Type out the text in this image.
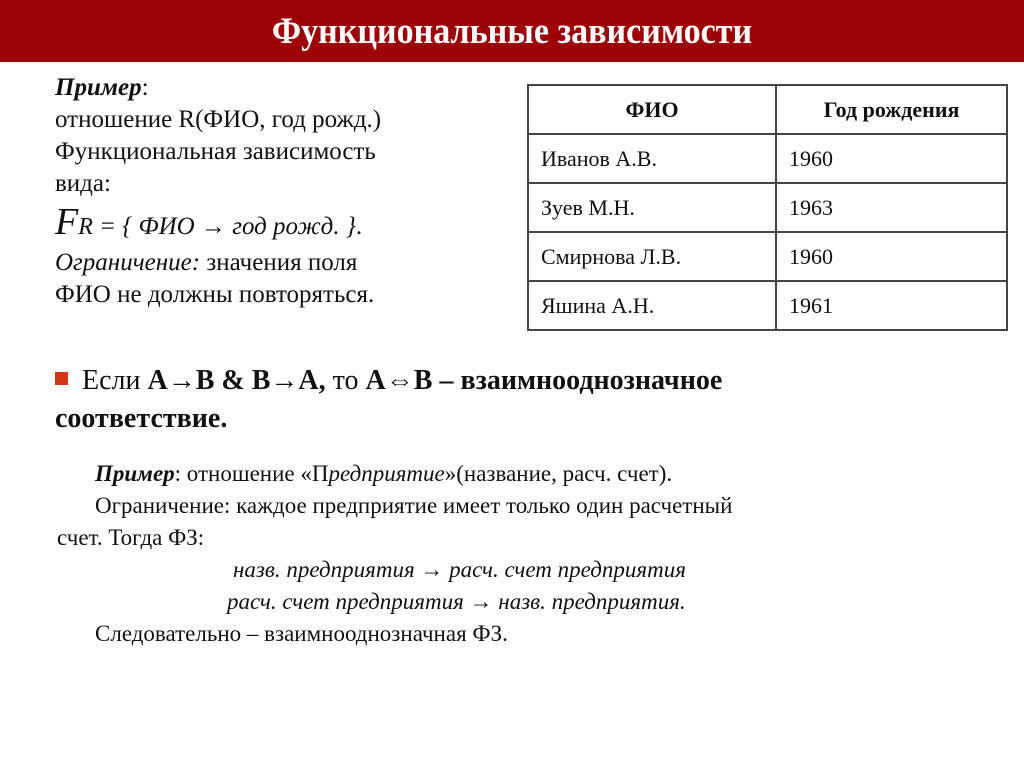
Функциональные зависимости
Пример:
отношение R(ФИО, год рожд.)
Функциональная зависимость
вида:
FR = { ФИО → год рожд. }.
Ограничение: значения поля
ФИО не должны повторяться.
ФИО	Год рождения
Иванов А.В.	1960
Зуев М.Н.	1963
Смирнова Л.В.	1960
Яшина А.Н.	1961
Если A→B & B→A, то A⇔B – взаимнооднозначное
соответствие.
Пример: отношение «Предприятие»(название, расч. счет).
Ограничение: каждое предприятие имеет только один расчетный
счет. Тогда ФЗ:
назв. предприятия → расч. счет предприятия
расч. счет предприятия → назв. предприятия.
Следовательно – взаимнооднозначная ФЗ.
